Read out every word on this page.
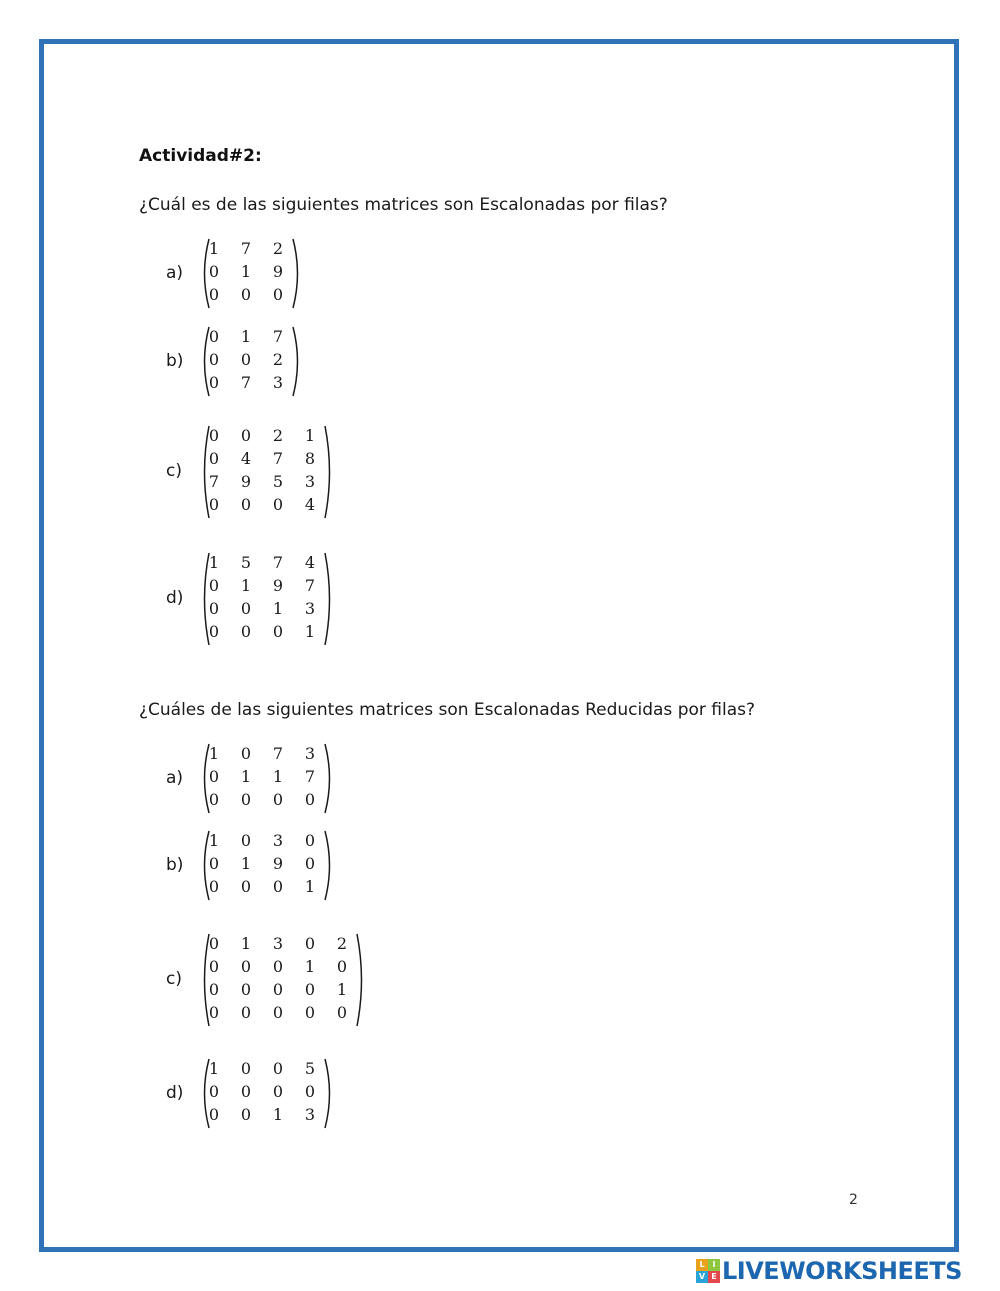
Actividad#2:
¿Cuál es de las siguientes matrices son Escalonadas por filas?
a)
1 7 2
0 1 9
0 0 0
b)
0 1 7
0 0 2
0 7 3
c)
0 0 2 1
0 4 7 8
7 9 5 3
0 0 0 4
d)
1 5 7 4
0 1 9 7
0 0 1 3
0 0 0 1
¿Cuáles de las siguientes matrices son Escalonadas Reducidas por filas?
a)
1 0 7 3
0 1 1 7
0 0 0 0
b)
1 0 3 0
0 1 9 0
0 0 0 1
c)
0 1 3 0 2
0 0 0 1 0
0 0 0 0 1
0 0 0 0 0
d)
1 0 0 5
0 0 0 0
0 0 1 3
2
L I
V E LIVEWORKSHEETS
